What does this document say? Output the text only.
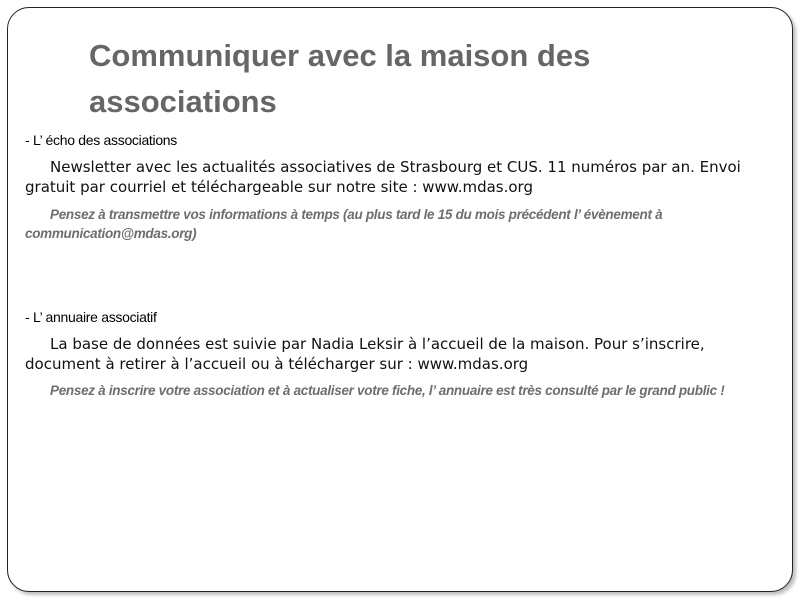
Communiquer avec la maison des associations

- L’ écho des associations

Newsletter avec les actualités associatives de Strasbourg et CUS. 11 numéros par an. Envoi gratuit par courriel et téléchargeable sur notre site : www.mdas.org

Pensez à transmettre vos informations à temps (au plus tard le 15 du mois précédent l’ évènement à communication@mdas.org)

- L’ annuaire associatif

La base de données est suivie par Nadia Leksir à l’accueil de la maison. Pour s’inscrire, document à retirer à l’accueil ou à télécharger sur : www.mdas.org

Pensez à inscrire votre association et à actualiser votre fiche, l’ annuaire est très consulté par le grand public !
